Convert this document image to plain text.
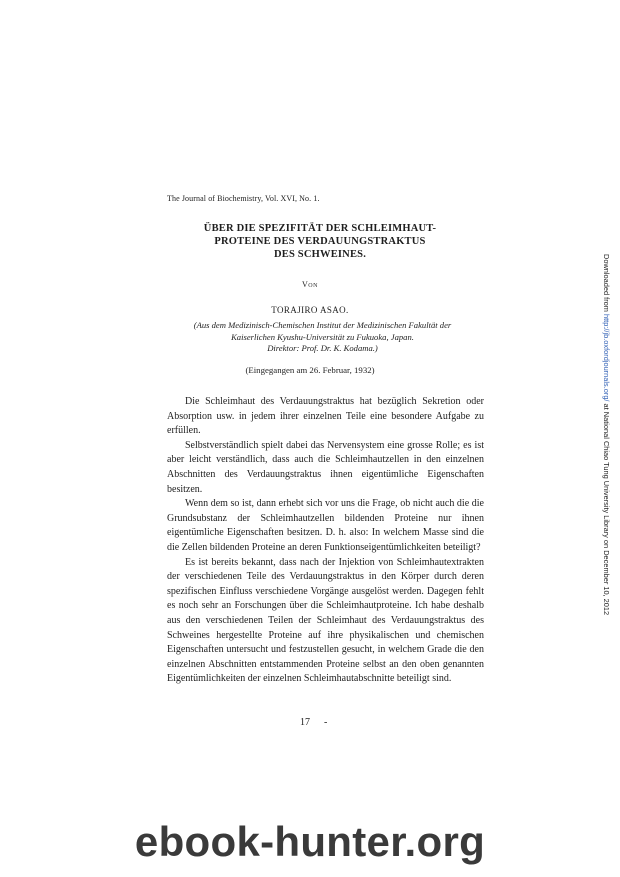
The Journal of Biochemistry, Vol. XVI, No. 1.
ÜBER DIE SPEZIFITÄT DER SCHLEIMHAUT-
PROTEINE DES VERDAUUNGSTRAKTUS
DES SCHWEINES.
Von
TORAJIRO ASAO.
(Aus dem Medizinisch-Chemischen Institut der Medizinischen Fakultät der
Kaiserlichen Kyushu-Universität zu Fukuoka, Japan.
Direktor: Prof. Dr. K. Kodama.)
(Eingegangen am 26. Februar, 1932)

Die Schleimhaut des Verdauungstraktus hat bezüglich Sekretion oder Absorption usw. in jedem ihrer einzelnen Teile eine besondere Aufgabe zu erfüllen.

Selbstverständlich spielt dabei das Nervensystem eine grosse Rolle; es ist aber leicht verständlich, dass auch die Schleimhautzellen in den einzelnen Abschnitten des Verdauungstraktus ihnen eigentümliche Eigenschaften besitzen.

Wenn dem so ist, dann erhebt sich vor uns die Frage, ob nicht auch die die Grundsubstanz der Schleimhautzellen bildenden Proteine nur ihnen eigentümliche Eigenschaften besitzen. D. h. also: In welchem Masse sind die die Zellen bildenden Proteine an deren Funktionseigentümlichkeiten beteiligt?

Es ist bereits bekannt, dass nach der Injektion von Schleimhautextrakten der verschiedenen Teile des Verdauungstraktus in den Körper durch deren spezifischen Einfluss verschiedene Vorgänge ausgelöst werden. Dagegen fehlt es noch sehr an Forschungen über die Schleimhautproteine. Ich habe deshalb aus den verschiedenen Teilen der Schleimhaut des Verdauungstraktus des Schweines hergestellte Proteine auf ihre physikalischen und chemischen Eigenschaften untersucht und festzustellen gesucht, in welchem Grade die den einzelnen Abschnitten entstammenden Proteine selbst an den oben genannten Eigentümlichkeiten der einzelnen Schleimhautabschnitte beteiligt sind.

17 -
Downloaded from http://jb.oxfordjournals.org/ at National Chiao Tung University Library on December 10, 2012
ebook-hunter.org
